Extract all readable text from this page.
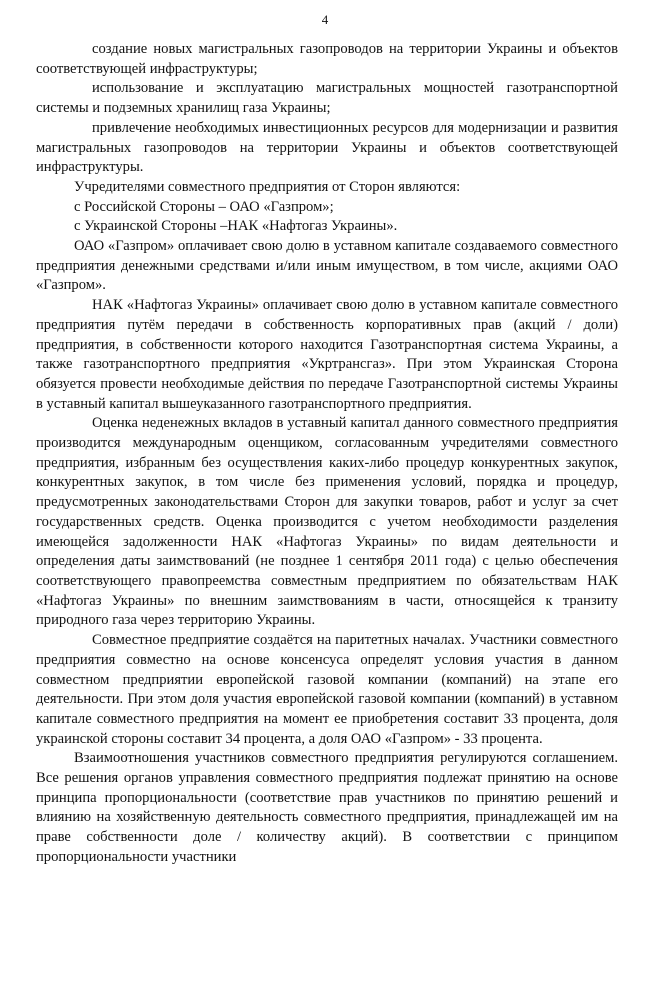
4

создание новых магистральных газопроводов на территории Украины и объектов соответствующей инфраструктуры;

использование и эксплуатацию магистральных мощностей газотранспортной системы и подземных хранилищ газа Украины;

привлечение необходимых инвестиционных ресурсов для модернизации и развития магистральных газопроводов на территории Украины и объектов соответствующей инфраструктуры.

Учредителями совместного предприятия от Сторон являются:

с Российской Стороны – ОАО «Газпром»;

с Украинской Стороны –НАК «Нафтогаз Украины».

ОАО «Газпром» оплачивает свою долю в уставном капитале создаваемого совместного предприятия денежными средствами и/или иным имуществом, в том числе, акциями ОАО «Газпром».

НАК «Нафтогаз Украины» оплачивает свою долю в уставном капитале совместного предприятия путём передачи в собственность корпоративных прав (акций / доли) предприятия, в собственности которого находится Газотранспортная система Украины, а также газотранспортного предприятия «Укртрансгаз». При этом Украинская Сторона обязуется провести необходимые действия по передаче Газотранспортной системы Украины в уставный капитал вышеуказанного газотранспортного предприятия.

Оценка неденежных вкладов в уставный капитал данного совместного предприятия производится международным оценщиком, согласованным учредителями совместного предприятия, избранным без осуществления каких-либо процедур конкурентных закупок, конкурентных закупок, в том числе без применения условий, порядка и процедур, предусмотренных законодательствами Сторон для закупки товаров, работ и услуг за счет государственных средств. Оценка производится с учетом необходимости разделения имеющейся задолженности НАК «Нафтогаз Украины» по видам деятельности и определения даты заимствований (не позднее 1 сентября 2011 года) с целью обеспечения соответствующего правопреемства совместным предприятием по обязательствам НАК «Нафтогаз Украины» по внешним заимствованиям в части, относящейся к транзиту природного газа через территорию Украины.

Совместное предприятие создаётся на паритетных началах. Участники совместного предприятия совместно на основе консенсуса определят условия участия в данном совместном предприятии европейской газовой компании (компаний) на этапе его деятельности. При этом доля участия европейской газовой компании (компаний) в уставном капитале совместного предприятия на момент ее приобретения составит 33 процента, доля украинской стороны составит 34 процента, а доля ОАО «Газпром» - 33 процента.

Взаимоотношения участников совместного предприятия регулируются соглашением. Все решения органов управления совместного предприятия подлежат принятию на основе принципа пропорциональности (соответствие прав участников по принятию решений и влиянию на хозяйственную деятельность совместного предприятия, принадлежащей им на праве собственности доле / количеству акций). В соответствии с принципом пропорциональности участники
